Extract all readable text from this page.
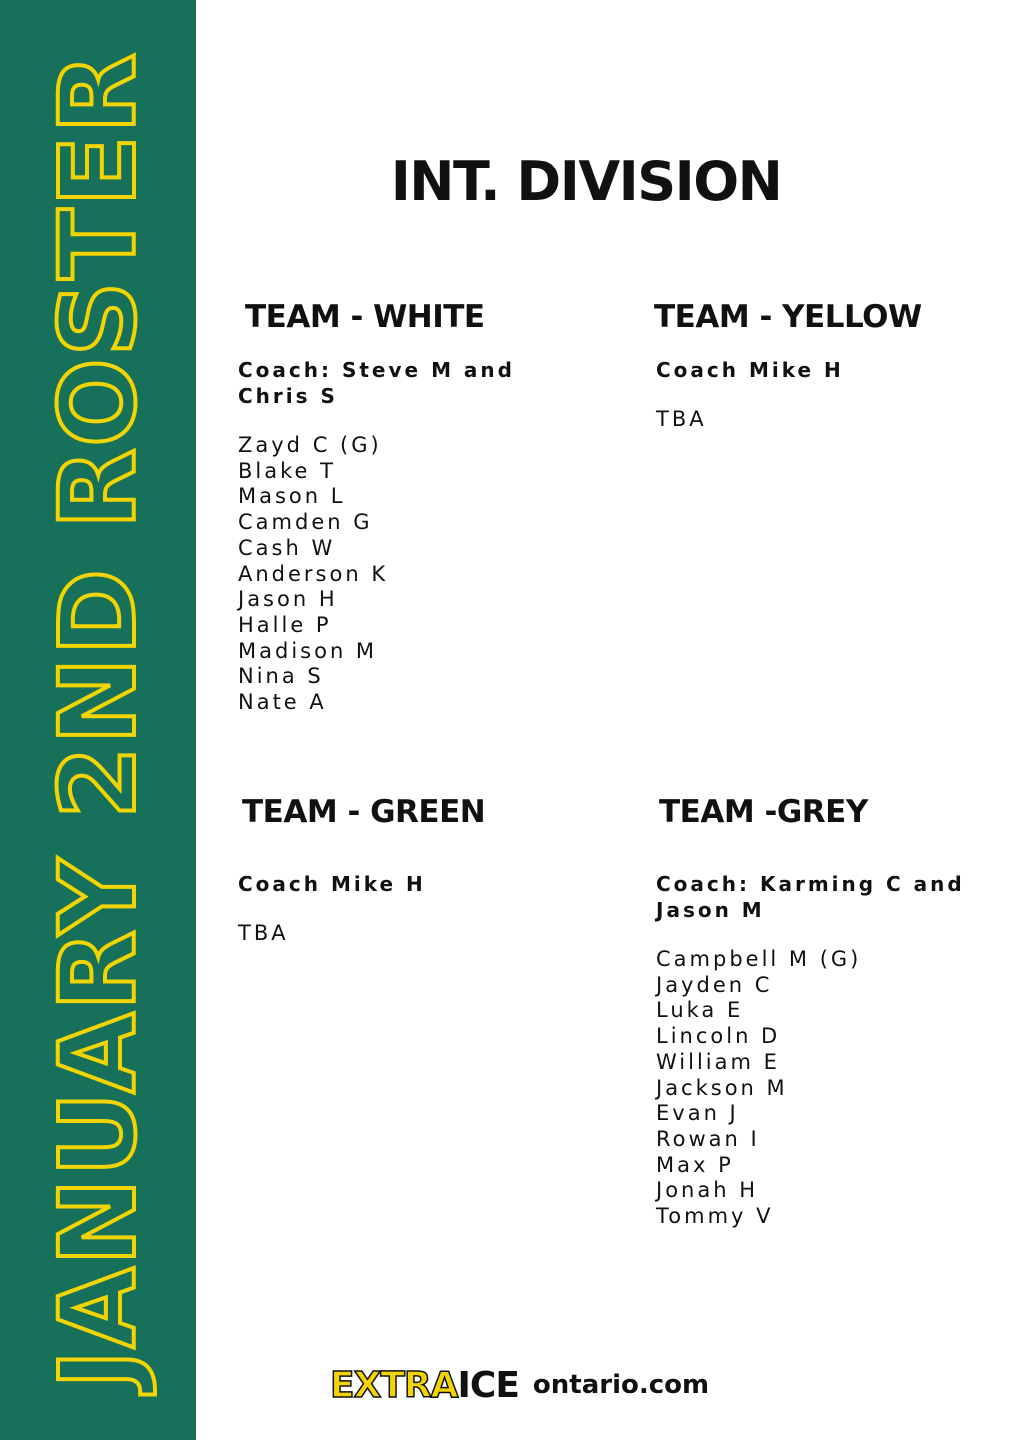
JANUARY 2ND ROSTER	INT. DIVISION
TEAM - WHITE

Coach: Steve M and Chris S

Zayd C (G)
Blake T
Mason L
Camden G
Cash W
Anderson K
Jason H
Halle P
Madison M
Nina S
Nate A
TEAM - YELLOW

Coach Mike H

TBA
TEAM - GREEN

Coach Mike H

TBA
TEAM -GREY

Coach: Karming C and Jason M

Campbell M (G)
Jayden C
Luka E
Lincoln D
William E
Jackson M
Evan J
Rowan I
Max P
Jonah H
Tommy V
EXTRA ICE ontario.com
